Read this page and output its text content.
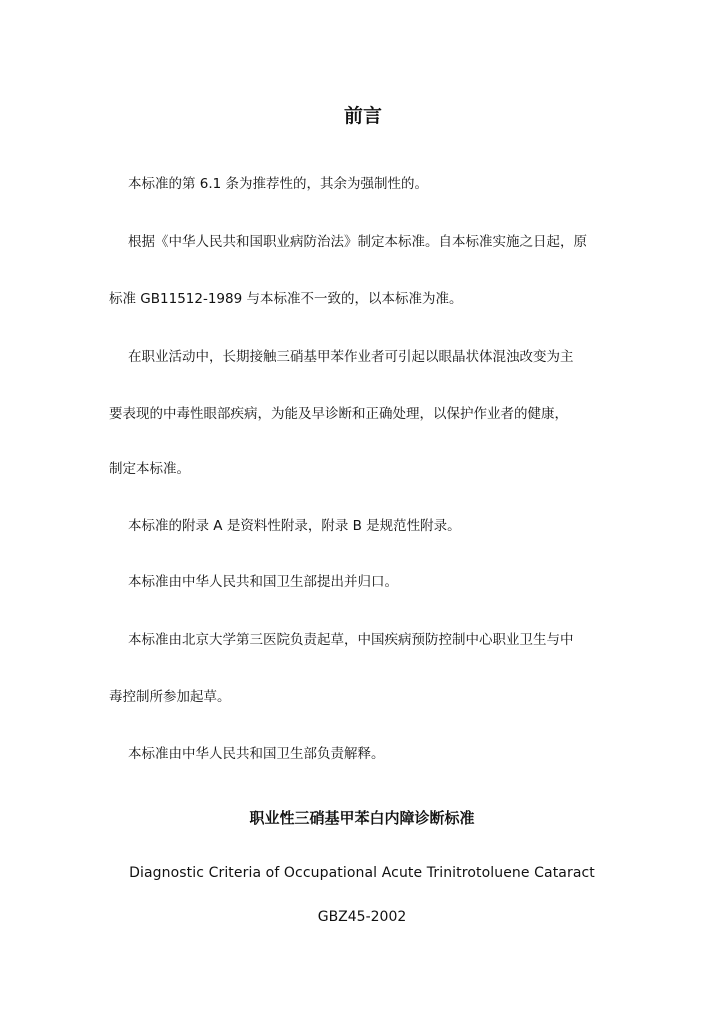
前言
本标准的第 6.1 条为推荐性的，其余为强制性的。
根据《中华人民共和国职业病防治法》制定本标准。自本标准实施之日起，原
标准 GB11512-1989 与本标准不一致的，以本标准为准。
在职业活动中，长期接触三硝基甲苯作业者可引起以眼晶状体混浊改变为主
要表现的中毒性眼部疾病，为能及早诊断和正确处理，以保护作业者的健康，
制定本标准。
本标准的附录 A 是资料性附录，附录 B 是规范性附录。
本标准由中华人民共和国卫生部提出并归口。
本标准由北京大学第三医院负责起草，中国疾病预防控制中心职业卫生与中
毒控制所参加起草。
本标准由中华人民共和国卫生部负责解释。
职业性三硝基甲苯白内障诊断标准
Diagnostic Criteria of Occupational Acute Trinitrotoluene Cataract
GBZ45-2002
